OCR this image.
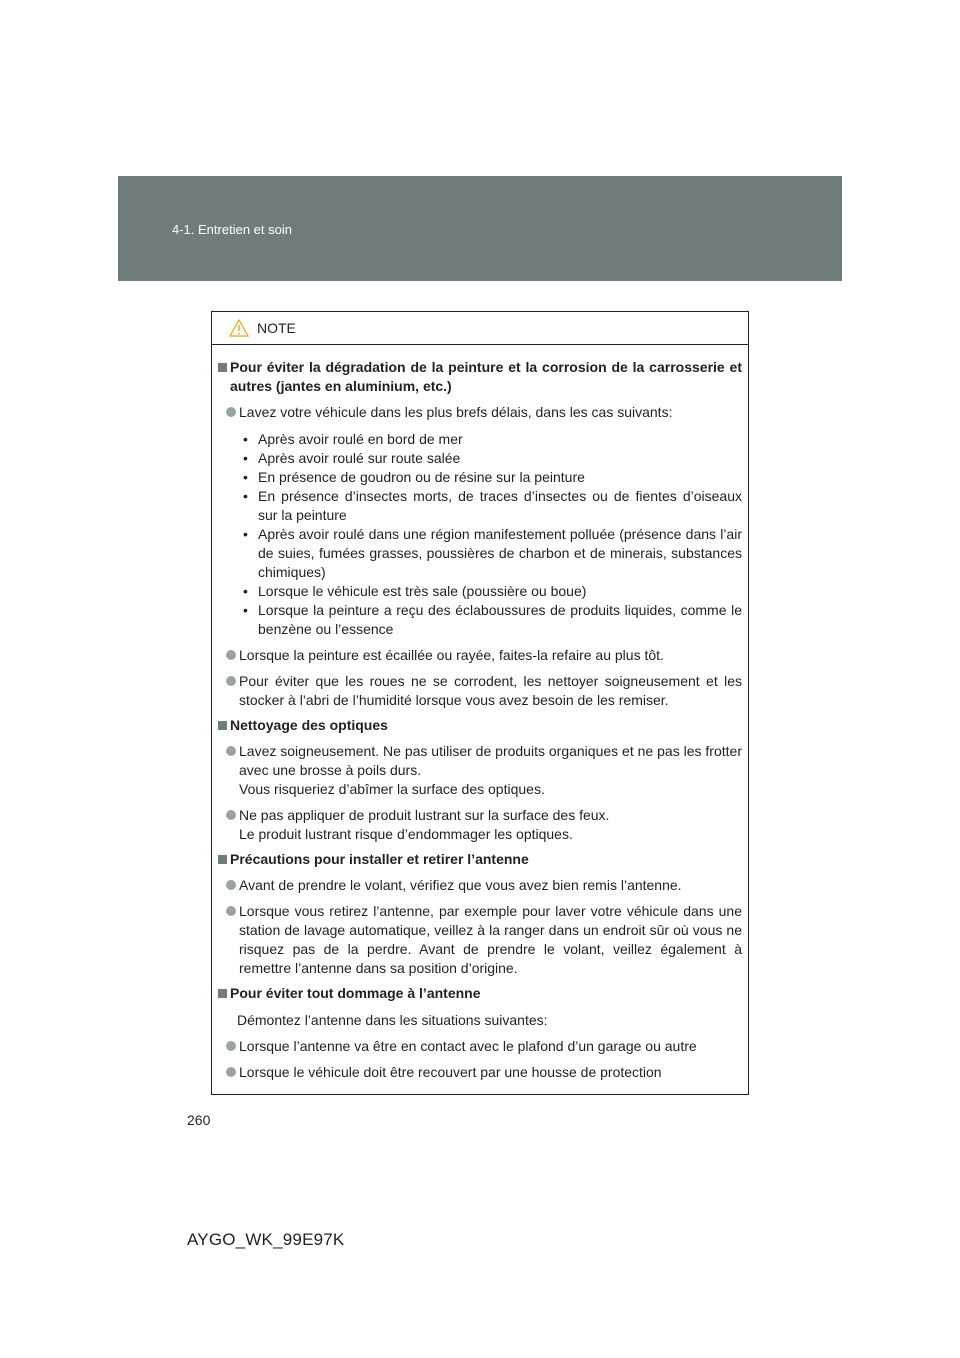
4-1. Entretien et soin
NOTE
Pour éviter la dégradation de la peinture et la corrosion de la carrosserie et autres (jantes en aluminium, etc.)
Lavez votre véhicule dans les plus brefs délais, dans les cas suivants:
• Après avoir roulé en bord de mer
• Après avoir roulé sur route salée
• En présence de goudron ou de résine sur la peinture
• En présence d’insectes morts, de traces d’insectes ou de fientes d’oiseaux sur la peinture
• Après avoir roulé dans une région manifestement polluée (présence dans l’air de suies, fumées grasses, poussières de charbon et de minerais, substances chimiques)
• Lorsque le véhicule est très sale (poussière ou boue)
• Lorsque la peinture a reçu des éclaboussures de produits liquides, comme le benzène ou l’essence
Lorsque la peinture est écaillée ou rayée, faites-la refaire au plus tôt.
Pour éviter que les roues ne se corrodent, les nettoyer soigneusement et les stocker à l’abri de l’humidité lorsque vous avez besoin de les remiser.
Nettoyage des optiques
Lavez soigneusement. Ne pas utiliser de produits organiques et ne pas les frotter avec une brosse à poils durs.
Vous risqueriez d’abîmer la surface des optiques.
Ne pas appliquer de produit lustrant sur la surface des feux.
Le produit lustrant risque d’endommager les optiques.
Précautions pour installer et retirer l’antenne
Avant de prendre le volant, vérifiez que vous avez bien remis l’antenne.
Lorsque vous retirez l’antenne, par exemple pour laver votre véhicule dans une station de lavage automatique, veillez à la ranger dans un endroit sûr où vous ne risquez pas de la perdre. Avant de prendre le volant, veillez également à remettre l’antenne dans sa position d’origine.
Pour éviter tout dommage à l’antenne
Démontez l’antenne dans les situations suivantes:
Lorsque l’antenne va être en contact avec le plafond d’un garage ou autre
Lorsque le véhicule doit être recouvert par une housse de protection
260
AYGO_WK_99E97K
